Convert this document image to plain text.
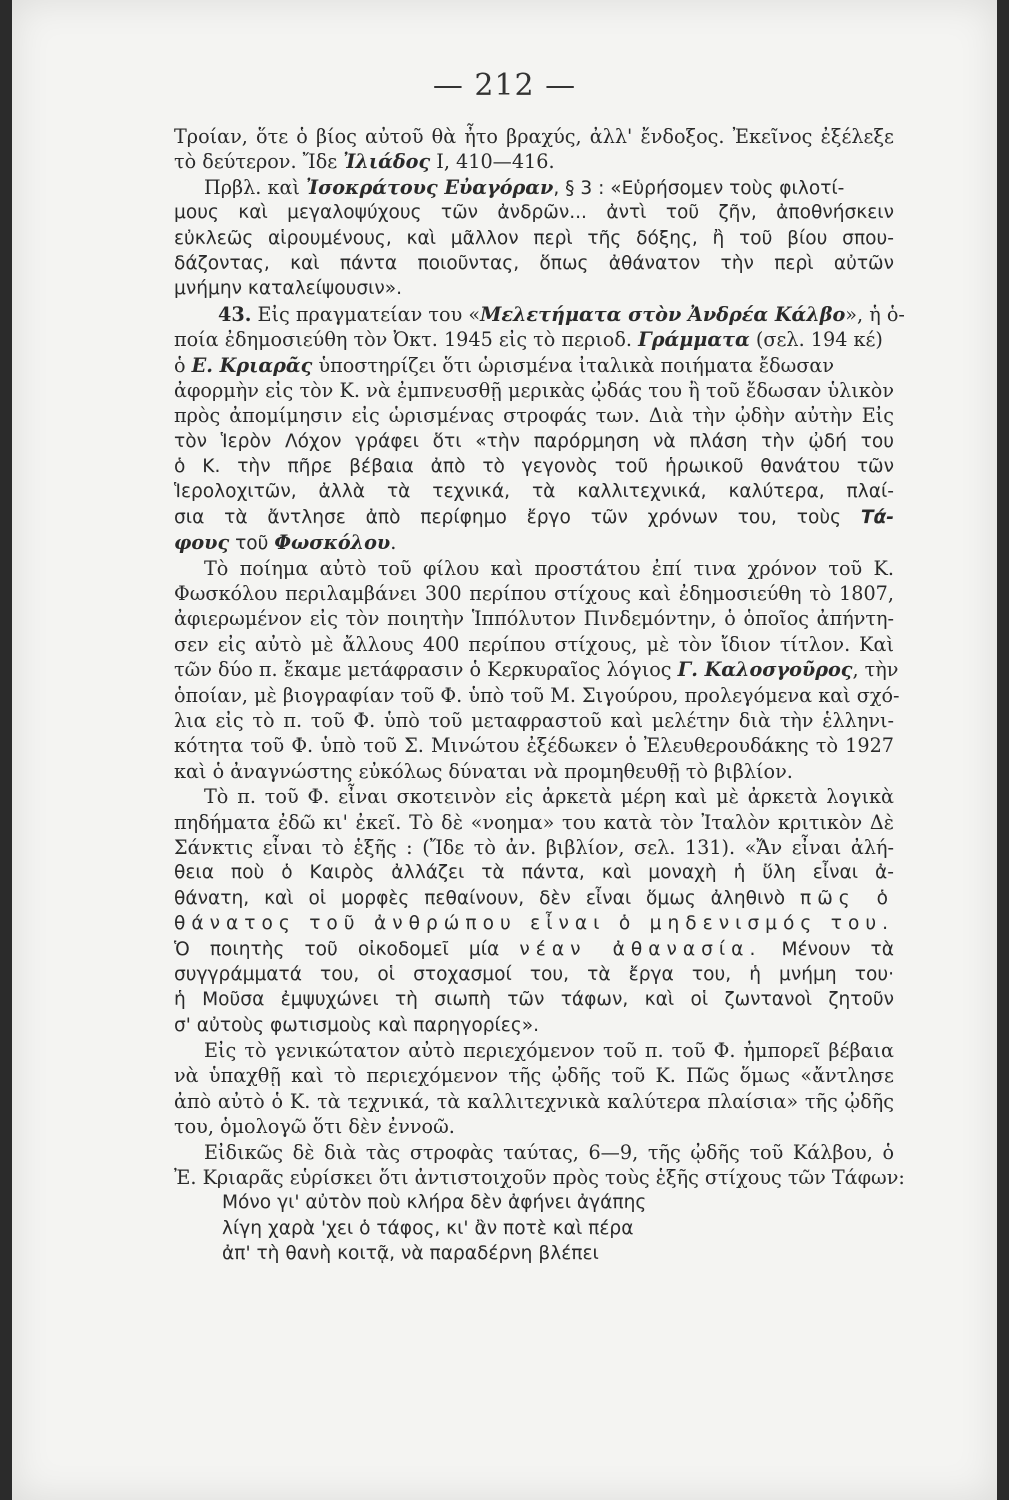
— 212 —
Τροίαν, ὅτε ὁ βίος αὐτοῦ θὰ ἦτο βραχύς, ἀλλ' ἔνδοξος. Ἐκεῖνος ἐξέλεξε
τὸ δεύτερον. Ἴδε Ἰλιάδος Ι, 410—416.
Πρβλ. καὶ Ἰσοκράτους Εὐαγόραν, § 3 : «Εὑρήσομεν τοὺς φιλοτί-
μους καὶ μεγαλοψύχους τῶν ἀνδρῶν... ἀντὶ τοῦ ζῆν, ἀποθνήσκειν
εὐκλεῶς αἱρουμένους, καὶ μᾶλλον περὶ τῆς δόξης, ἢ τοῦ βίου σπου-
δάζοντας, καὶ πάντα ποιοῦντας, ὅπως ἀθάνατον τὴν περὶ αὐτῶν
μνήμην καταλείψουσιν».
43. Εἰς πραγματείαν του «Μελετήματα στὸν Ἀνδρέα Κάλβο», ἡ ὁ-
ποία ἐδημοσιεύθη τὸν Ὀκτ. 1945 εἰς τὸ περιοδ. Γράμματα (σελ. 194 κέ)
ὁ Ε. Κριαρᾶς ὑποστηρίζει ὅτι ὡρισμένα ἰταλικὰ ποιήματα ἔδωσαν
ἀφορμὴν εἰς τὸν Κ. νὰ ἐμπνευσθῇ μερικὰς ᾠδάς του ἢ τοῦ ἔδωσαν ὑλικὸν
πρὸς ἀπομίμησιν εἰς ὡρισμένας στροφάς των. Διὰ τὴν ᾠδὴν αὐτὴν Εἰς
τὸν Ἱερὸν Λόχον γράφει ὅτι «τὴν παρόρμηση νὰ πλάση τὴν ᾠδή του
ὁ Κ. τὴν πῆρε βέβαια ἀπὸ τὸ γεγονὸς τοῦ ἡρωικοῦ θανάτου τῶν
Ἱερολοχιτῶν, ἀλλὰ τὰ τεχνικά, τὰ καλλιτεχνικά, καλύτερα, πλαί-
σια τὰ ἄντλησε ἀπὸ περίφημο ἔργο τῶν χρόνων του, τοὺς Τά-
φους τοῦ Φωσκόλου.
Τὸ ποίημα αὐτὸ τοῦ φίλου καὶ προστάτου ἐπί τινα χρόνον τοῦ Κ.
Φωσκόλου περιλαμβάνει 300 περίπου στίχους καὶ ἐδημοσιεύθη τὸ 1807,
ἀφιερωμένον εἰς τὸν ποιητὴν Ἱππόλυτον Πινδεμόντην, ὁ ὁποῖος ἀπήντη-
σεν εἰς αὐτὸ μὲ ἄλλους 400 περίπου στίχους, μὲ τὸν ἴδιον τίτλον. Καὶ
τῶν δύο π. ἔκαμε μετάφρασιν ὁ Κερκυραῖος λόγιος Γ. Καλοσγοῦρος, τὴν
ὁποίαν, μὲ βιογραφίαν τοῦ Φ. ὑπὸ τοῦ Μ. Σιγούρου, προλεγόμενα καὶ σχό-
λια εἰς τὸ π. τοῦ Φ. ὑπὸ τοῦ μεταφραστοῦ καὶ μελέτην διὰ τὴν ἑλληνι-
κότητα τοῦ Φ. ὑπὸ τοῦ Σ. Μινώτου ἐξέδωκεν ὁ Ἐλευθερουδάκης τὸ 1927
καὶ ὁ ἀναγνώστης εὐκόλως δύναται νὰ προμηθευθῇ τὸ βιβλίον.
Τὸ π. τοῦ Φ. εἶναι σκοτεινὸν εἰς ἀρκετὰ μέρη καὶ μὲ ἀρκετὰ λογικὰ
πηδήματα ἐδῶ κι' ἐκεῖ. Τὸ δὲ «νοημα» του κατὰ τὸν Ἰταλὸν κριτικὸν Δὲ
Σάνκτις εἶναι τὸ ἑξῆς : (Ἴδε τὸ ἀν. βιβλίον, σελ. 131). «Ἄν εἶναι ἀλή-
θεια ποὺ ὁ Καιρὸς ἀλλάζει τὰ πάντα, καὶ μοναχὴ ἡ ὕλη εἶναι ἀ-
θάνατη, καὶ οἱ μορφὲς πεθαίνουν, δὲν εἶναι ὅμως ἀληθινὸ πῶς ὁ
θάνατος τοῦ ἀνθρώπου εἶναι ὁ μηδενισμός του.
Ὁ ποιητὴς τοῦ οἰκοδομεῖ μία νέαν ἀθανασία. Μένουν τὰ
συγγράμματά του, οἱ στοχασμοί του, τὰ ἔργα του, ἡ μνήμη του·
ἡ Μοῦσα ἐμψυχώνει τὴ σιωπὴ τῶν τάφων, καὶ οἱ ζωντανοὶ ζητοῦν
σ' αὐτοὺς φωτισμοὺς καὶ παρηγορίες».
Εἰς τὸ γενικώτατον αὐτὸ περιεχόμενον τοῦ π. τοῦ Φ. ἠμπορεῖ βέβαια
νὰ ὑπαχθῇ καὶ τὸ περιεχόμενον τῆς ᾠδῆς τοῦ Κ. Πῶς ὅμως «ἄντλησε
ἀπὸ αὐτὸ ὁ Κ. τὰ τεχνικά, τὰ καλλιτεχνικὰ καλύτερα πλαίσια» τῆς ᾠδῆς
του, ὁμολογῶ ὅτι δὲν ἐννοῶ.
Εἰδικῶς δὲ διὰ τὰς στροφὰς ταύτας, 6—9, τῆς ᾠδῆς τοῦ Κάλβου, ὁ
Ἐ. Κριαρᾶς εὑρίσκει ὅτι ἀντιστοιχοῦν πρὸς τοὺς ἑξῆς στίχους τῶν Τάφων:
Μόνο γι' αὐτὸν ποὺ κλήρα δὲν ἀφήνει ἀγάπης
λίγη χαρὰ 'χει ὁ τάφος, κι' ἂν ποτὲ καὶ πέρα
ἀπ' τὴ θανὴ κοιτᾷ, νὰ παραδέρνη βλέπει
